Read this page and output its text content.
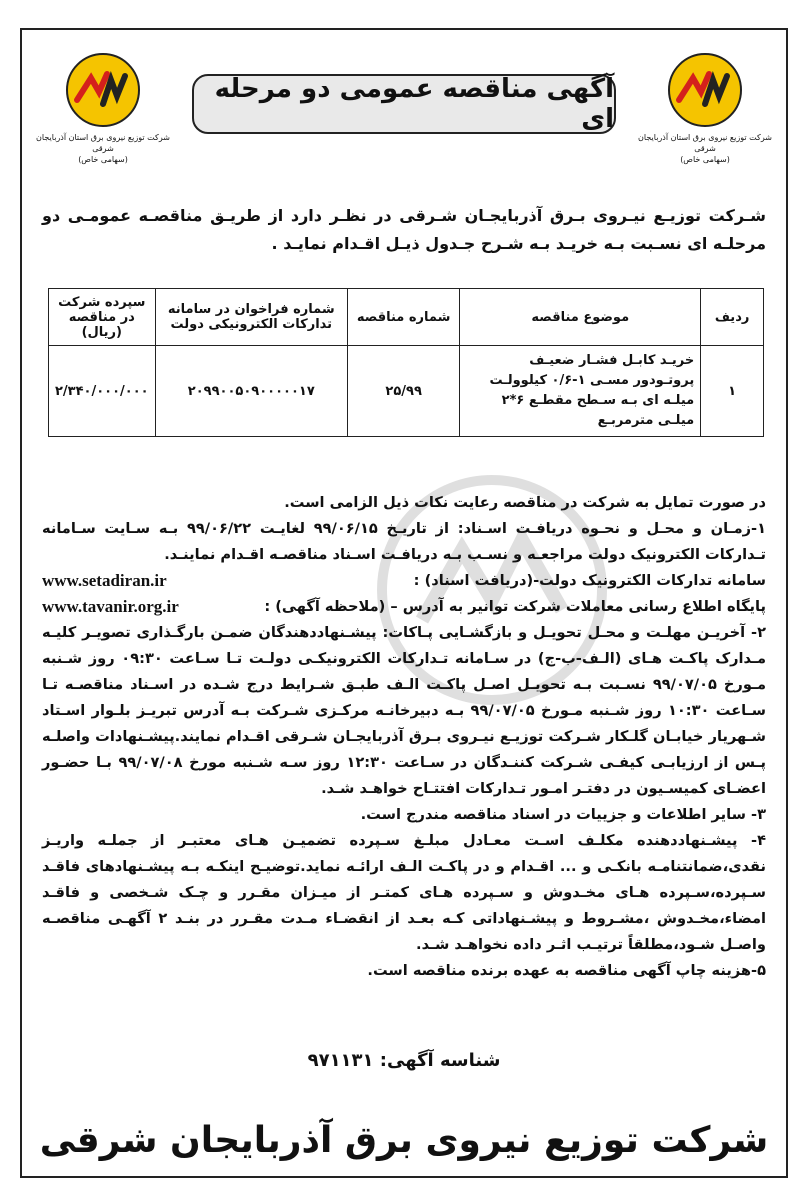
شرکت توزیع نیروی برق استان آذربایجان شرقی
(سهامی خاص)
آگهی مناقصه عمومی دو مرحله ای
شرکت توزیع نیروی برق استان آذربایجان شرقی
(سهامی خاص)
شـرکت توزیـع نیـروی بـرق آذربایجـان شـرقی در نظـر دارد از طریـق مناقصـه عمومـی دو مرحلـه ای نسـبت بـه خریـد بـه شـرح جـدول ذیـل اقـدام نمایـد .
ردیف	موضوع مناقصه	شماره مناقصه	شماره فراخوان در سامانه تدارکات الکترونیکی دولت	سپرده شرکت در مناقصه (ریال)
۱	خریـد کابـل فشـار ضعیـف پروتـودور مسـی ۱-۰/۶ کیلوولـت میلـه ای بـه سـطح مقطـع ۶*۲ میلـی مترمربـع	۲۵/۹۹	۲۰۹۹۰۰۵۰۹۰۰۰۰۰۱۷	۲/۳۴۰/۰۰۰/۰۰۰

در صورت تمایل به شرکت در مناقصه رعایت نکات ذیل الزامی است.

۱-زمـان و محـل و نحـوه دریافـت اسـناد: از تاریـخ ۹۹/۰۶/۱۵ لغایـت ۹۹/۰۶/۲۲ بـه سـایت سـامانه تـدارکات الکترونیک دولت مراجعـه و نسـب بـه دریافـت اسـناد مناقصـه اقـدام نماینـد.

سامانه تدارکات الکترونیک دولت-(دریافت اسناد) :
www.setadiran.ir
پایگاه اطلاع رسانی معاملات شرکت توانیر به آدرس – (ملاحظه آگهی) :
www.tavanir.org.ir

۲- آخریـن مهلـت و محـل تحویـل و بازگشـایی پـاکات: پیشـنهاددهندگان ضمـن بارگـذاری تصویـر کلیـه مـدارک پاکـت هـای (الـف-ب-ج) در سـامانه تـدارکات الکترونیکـی دولـت تـا سـاعت ۰۹:۳۰ روز شـنبه مـورخ ۹۹/۰۷/۰۵ نسـبت بـه تحویـل اصـل پاکـت الـف طبـق شـرایط درج شـده در اسـناد مناقصـه تـا سـاعت ۱۰:۳۰ روز شـنبه مـورخ ۹۹/۰۷/۰۵ بـه دبیرخانـه مرکـزی شـرکت بـه آدرس تبریـز بلـوار اسـتاد شـهریار خیابـان گلـکار شـرکت توزیـع نیـروی بـرق آذربایجـان شـرقی اقـدام نمایند.پیشـنهادات واصلـه پـس از ارزیابـی کیفـی شـرکت کننـدگان در سـاعت ۱۲:۳۰ روز سـه شـنبه مورخ ۹۹/۰۷/۰۸ بـا حضـور اعضـای کمیسـیون در دفتـر امـور تـدارکات افتتـاح خواهـد شـد.

۳- سایر اطلاعات و جزییات در اسناد مناقصه مندرج است.

۴- پیشـنهاددهنده مکلـف اسـت معـادل مبلـغ سـپرده تضمیـن هـای معتبـر از جملـه واریـز نقدی،ضمانتنامـه بانکـی و ... اقـدام و در پاکـت الـف ارائـه نماید.توضیـح اینکـه بـه پیشـنهادهای فاقـد سـپرده،سـپرده هـای مخـدوش و سـپرده هـای کمتـر از میـزان مقـرر و چـک شـخصی و فاقـد امضاء،مخـدوش ،مشـروط و پیشـنهاداتی کـه بعـد از انقضـاء مـدت مقـرر در بنـد ۲ آگهـی مناقصـه واصـل شـود،مطلقاً ترتیـب اثـر داده نخواهـد شـد.

۵-هزینه چاپ آگهی مناقصه به عهده برنده مناقصه است.

شناسه آگهی: ۹۷۱۱۳۱
شرکت توزیع نیروی برق آذربایجان شرقی
